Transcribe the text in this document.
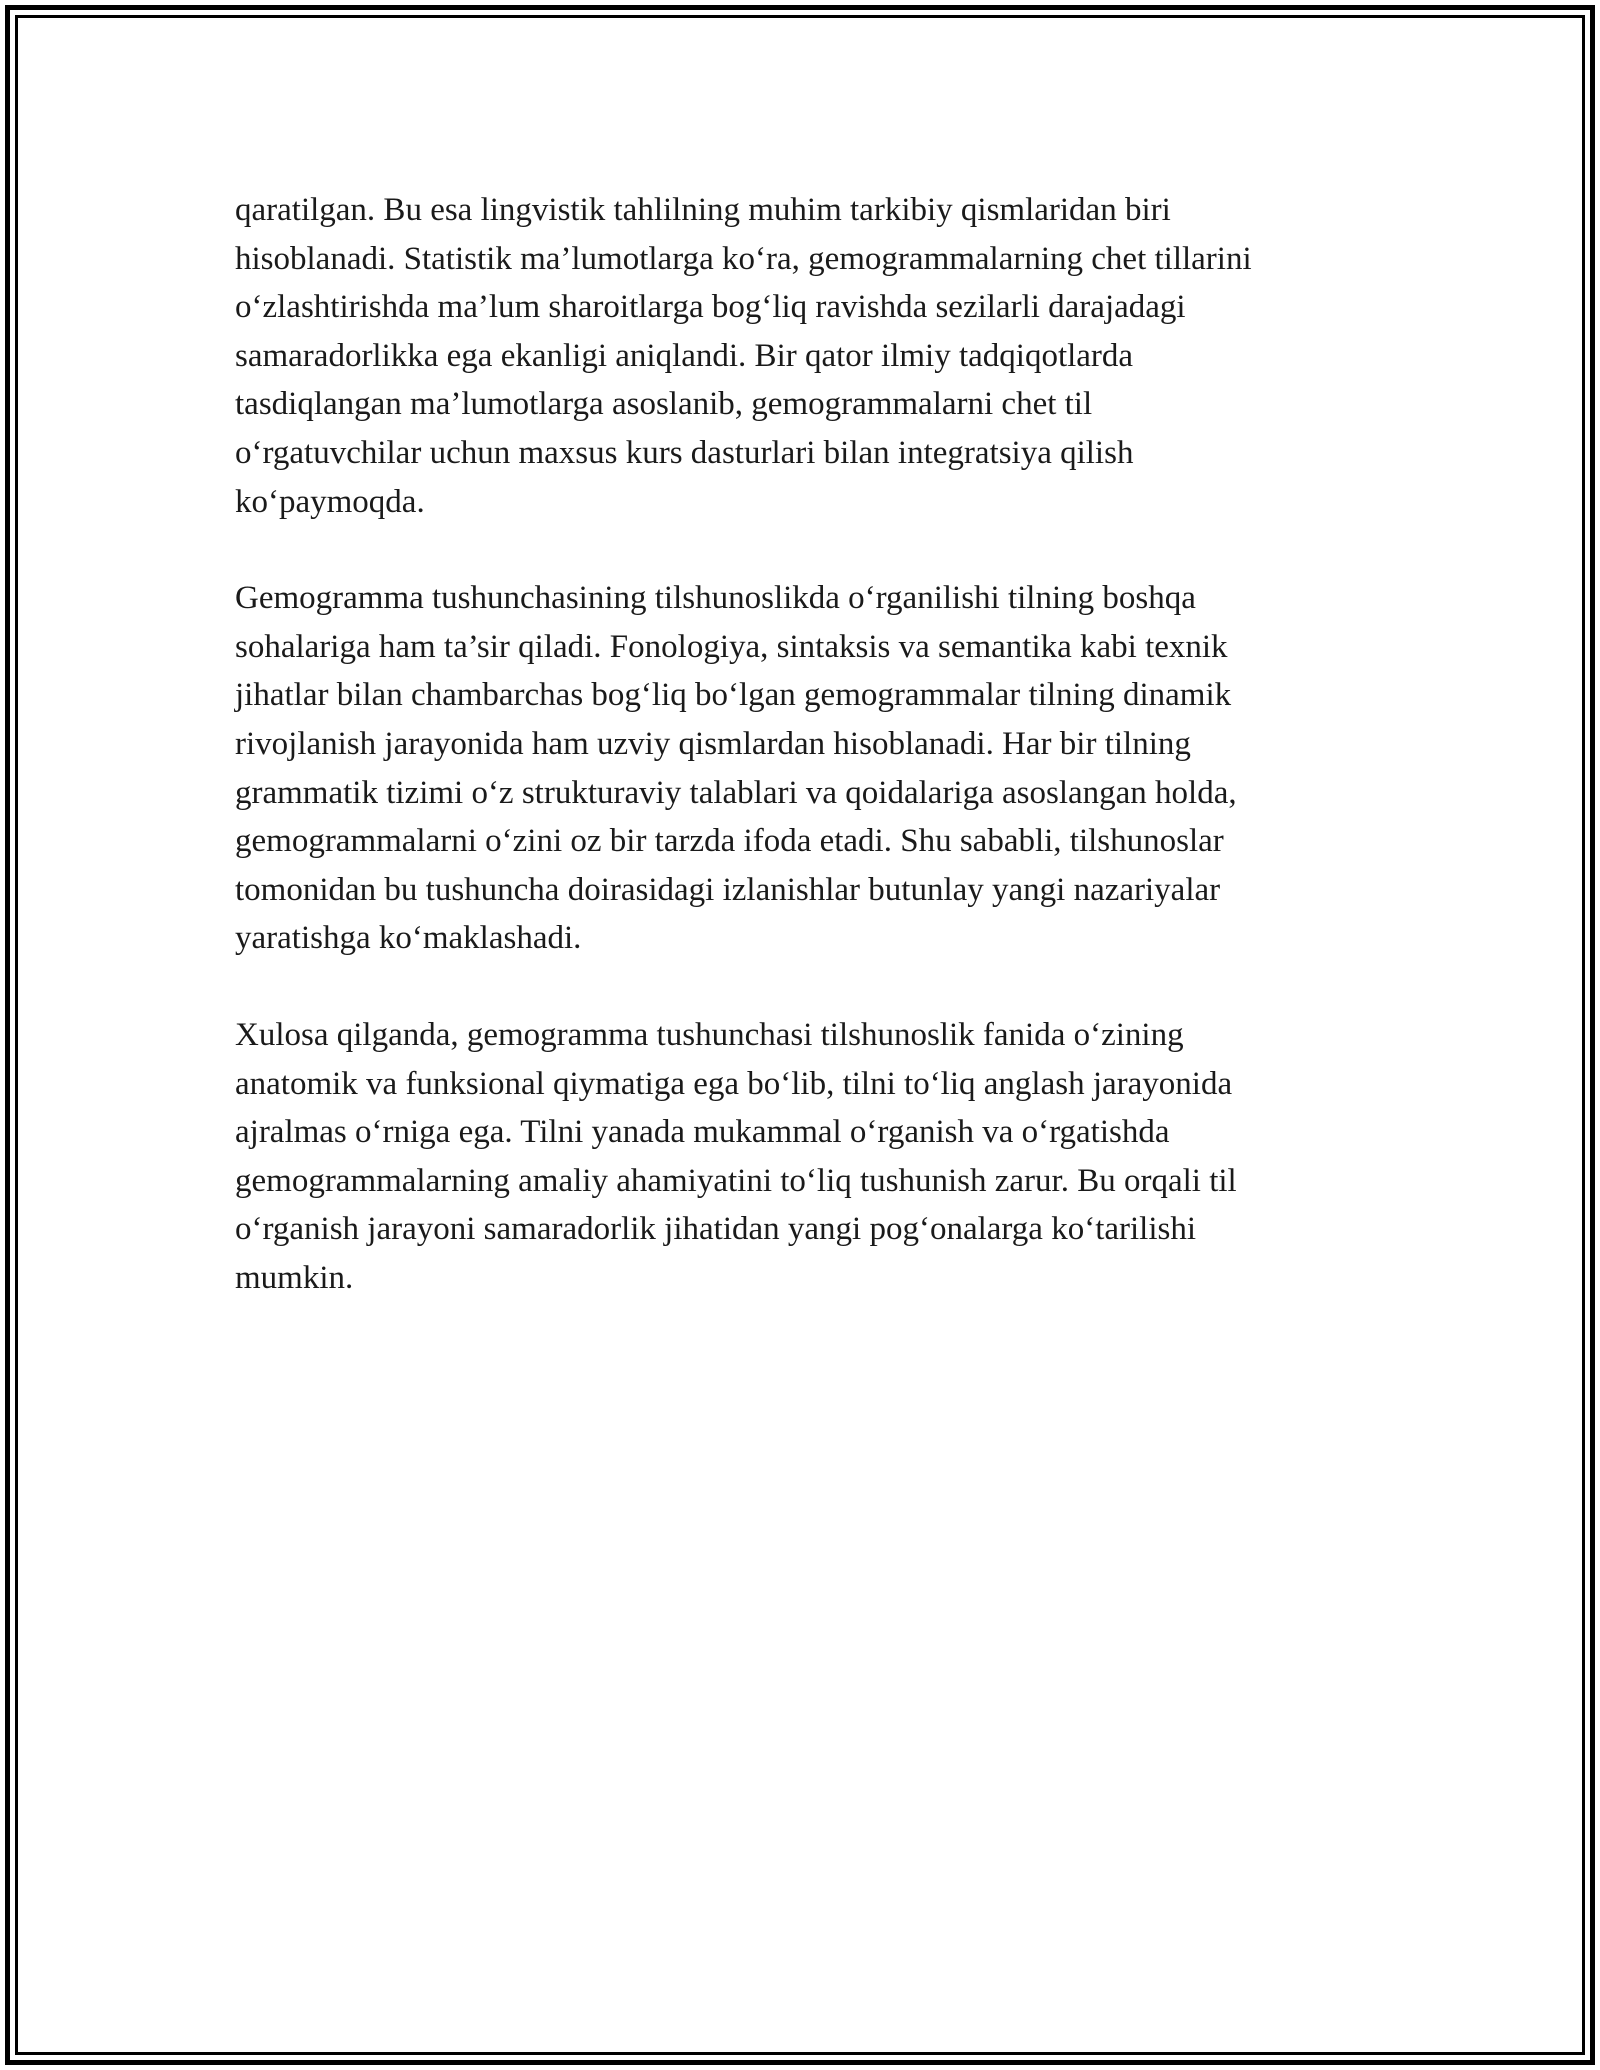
qaratilgan. Bu esa lingvistik tahlilning muhim tarkibiy qismlaridan biri
hisoblanadi. Statistik ma’lumotlarga ko‘ra, gemogrammalarning chet tillarini
o‘zlashtirishda ma’lum sharoitlarga bog‘liq ravishda sezilarli darajadagi
samaradorlikka ega ekanligi aniqlandi. Bir qator ilmiy tadqiqotlarda
tasdiqlangan ma’lumotlarga asoslanib, gemogrammalarni chet til
o‘rgatuvchilar uchun maxsus kurs dasturlari bilan integratsiya qilish
ko‘paymoqda.

Gemogramma tushunchasining tilshunoslikda o‘rganilishi tilning boshqa
sohalariga ham ta’sir qiladi. Fonologiya, sintaksis va semantika kabi texnik
jihatlar bilan chambarchas bog‘liq bo‘lgan gemogrammalar tilning dinamik
rivojlanish jarayonida ham uzviy qismlardan hisoblanadi. Har bir tilning
grammatik tizimi o‘z strukturaviy talablari va qoidalariga asoslangan holda,
gemogrammalarni o‘zini oz bir tarzda ifoda etadi. Shu sababli, tilshunoslar
tomonidan bu tushuncha doirasidagi izlanishlar butunlay yangi nazariyalar
yaratishga ko‘maklashadi.

Xulosa qilganda, gemogramma tushunchasi tilshunoslik fanida o‘zining
anatomik va funksional qiymatiga ega bo‘lib, tilni to‘liq anglash jarayonida
ajralmas o‘rniga ega. Tilni yanada mukammal o‘rganish va o‘rgatishda
gemogrammalarning amaliy ahamiyatini to‘liq tushunish zarur. Bu orqali til
o‘rganish jarayoni samaradorlik jihatidan yangi pog‘onalarga ko‘tarilishi
mumkin.
